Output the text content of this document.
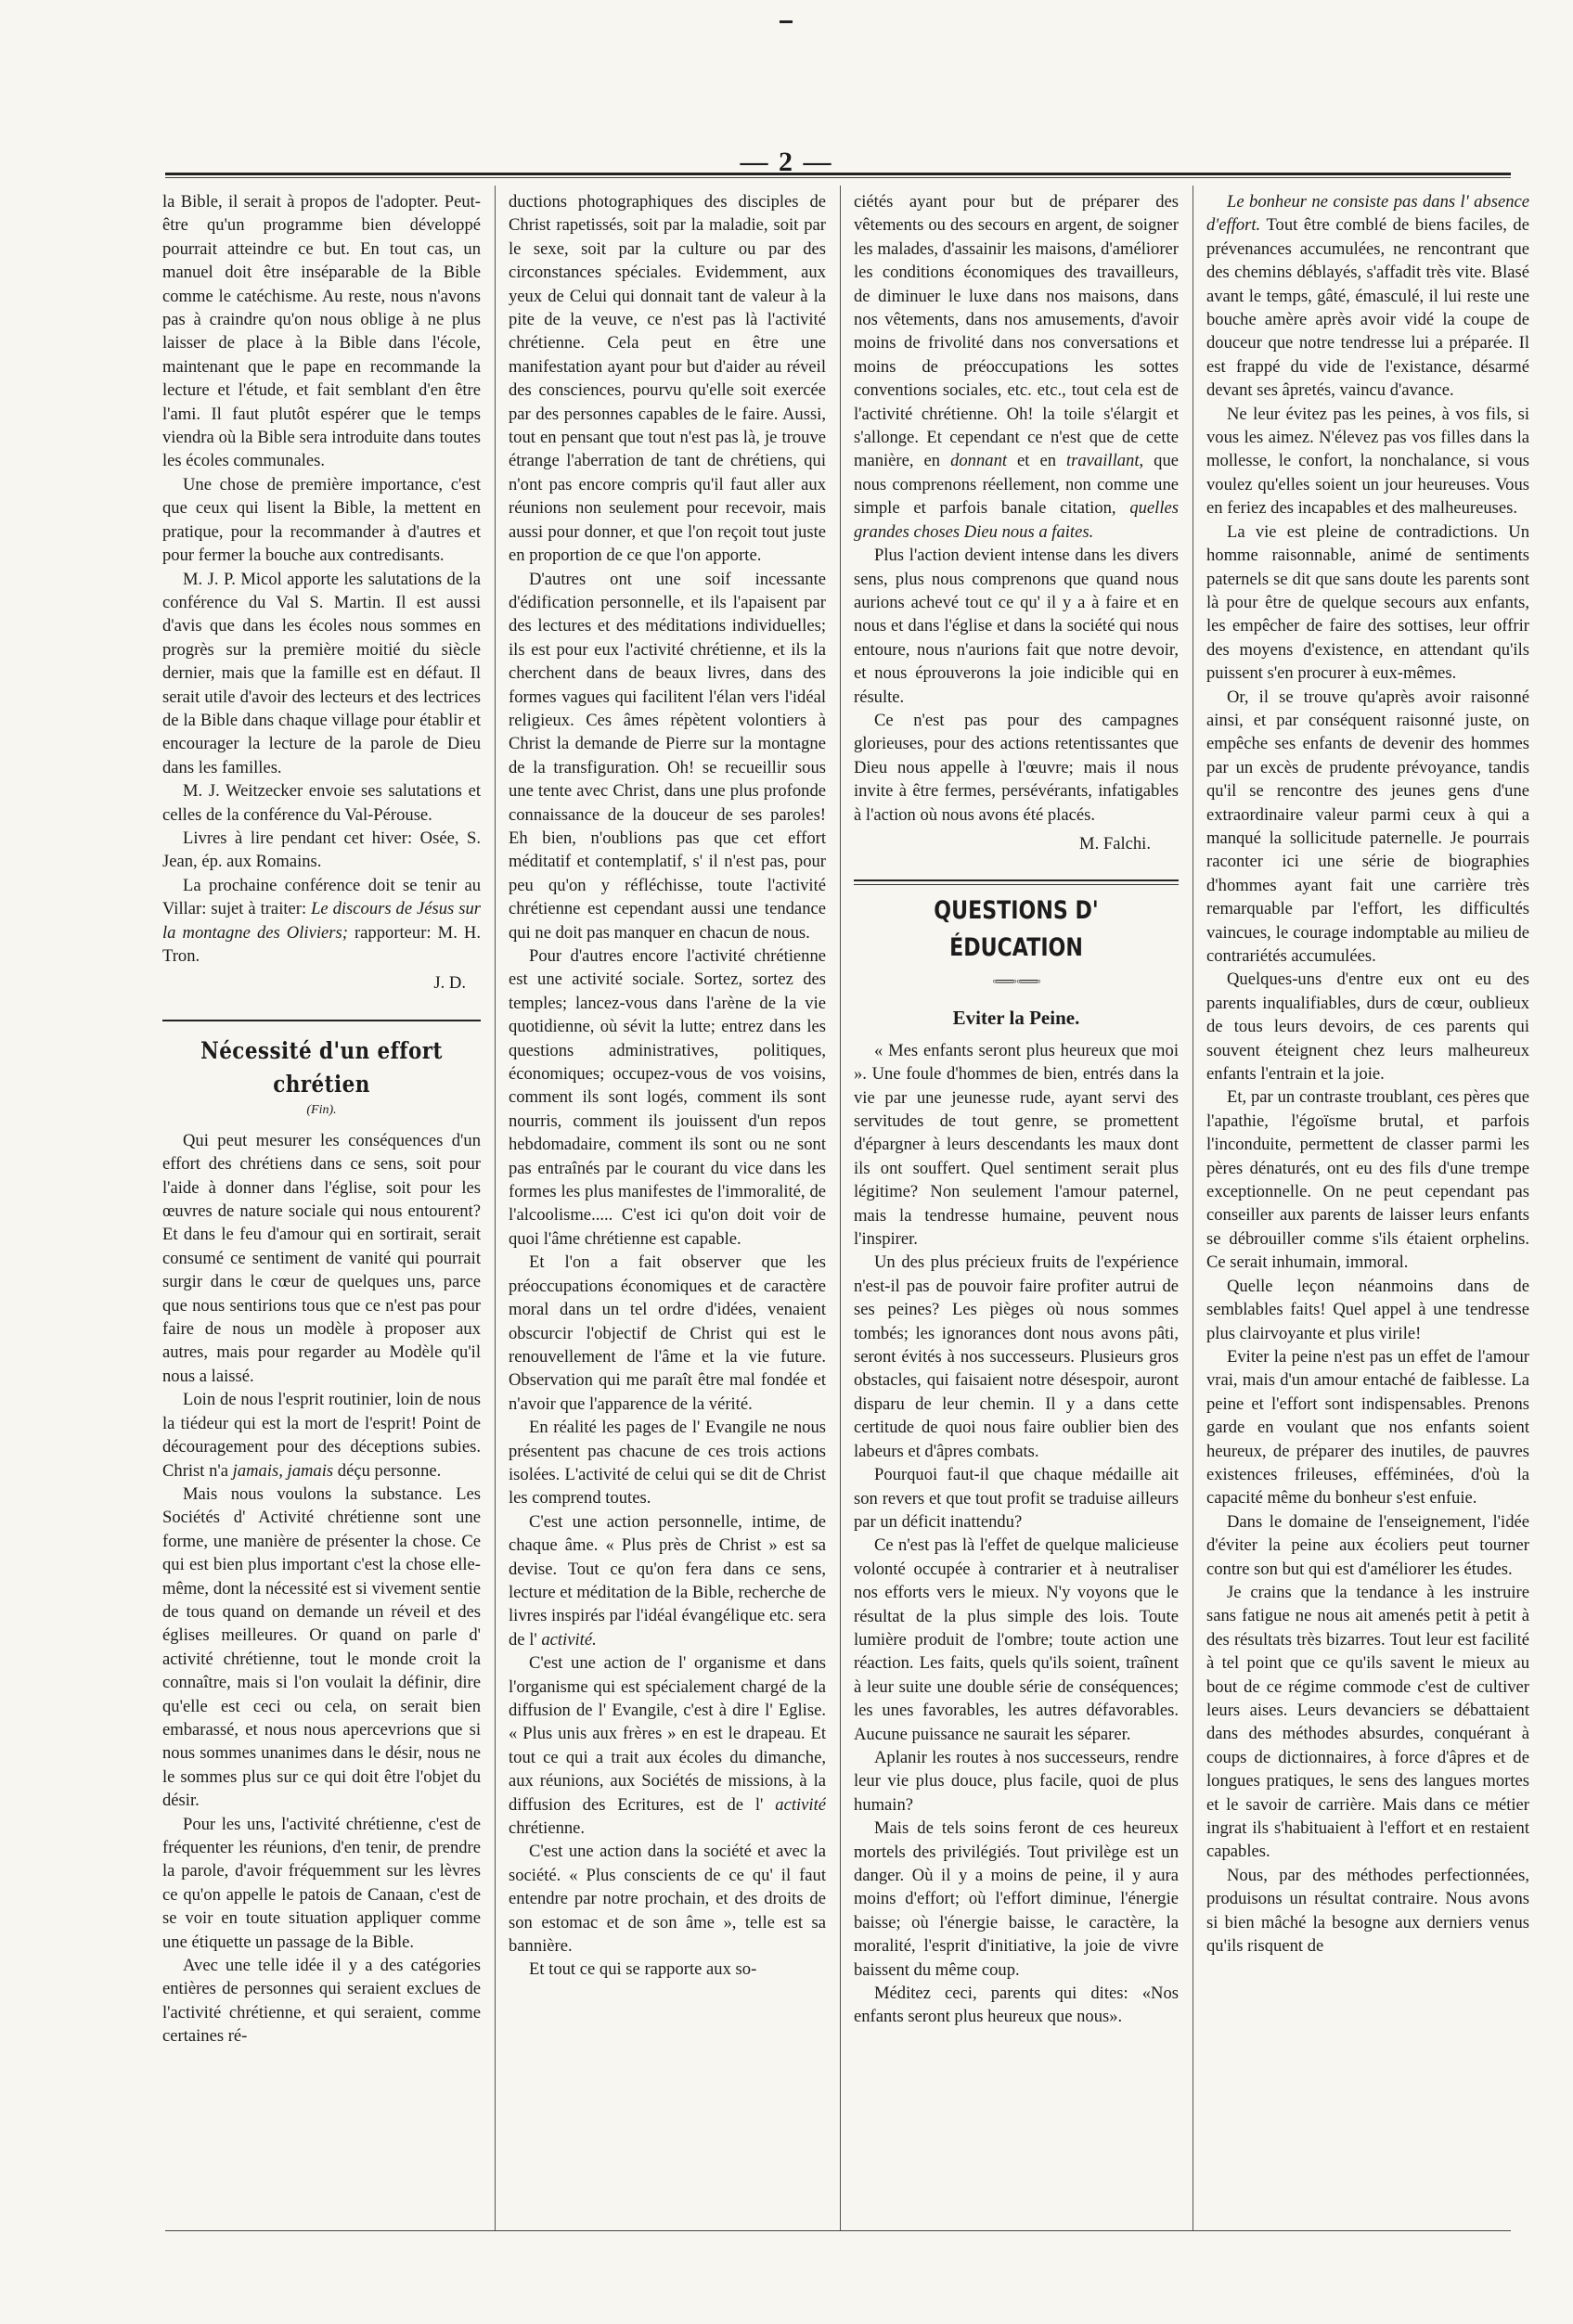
— 2 —

la Bible, il serait à propos de l'adopter. Peut-être qu'un programme bien développé pourrait atteindre ce but. En tout cas, un manuel doit être inséparable de la Bible comme le catéchisme. Au reste, nous n'avons pas à craindre qu'on nous oblige à ne plus laisser de place à la Bible dans l'école, maintenant que le pape en recommande la lecture et l'étude, et fait semblant d'en être l'ami. Il faut plutôt espérer que le temps viendra où la Bible sera introduite dans toutes les écoles communales.

Une chose de première importance, c'est que ceux qui lisent la Bible, la mettent en pratique, pour la recommander à d'autres et pour fermer la bouche aux contredisants.

M. J. P. Micol apporte les salutations de la conférence du Val S. Martin. Il est aussi d'avis que dans les écoles nous sommes en progrès sur la première moitié du siècle dernier, mais que la famille est en défaut. Il serait utile d'avoir des lecteurs et des lectrices de la Bible dans chaque village pour établir et encourager la lecture de la parole de Dieu dans les familles.

M. J. Weitzecker envoie ses salutations et celles de la conférence du Val-Pérouse.

Livres à lire pendant cet hiver: Osée, S. Jean, ép. aux Romains.

La prochaine conférence doit se tenir au Villar: sujet à traiter: Le discours de Jésus sur la montagne des Oliviers; rapporteur: M. H. Tron.

J. D.
Nécessité d'un effort chrétien
(Fin).

Qui peut mesurer les conséquences d'un effort des chrétiens dans ce sens, soit pour l'aide à donner dans l'église, soit pour les œuvres de nature sociale qui nous entourent? Et dans le feu d'amour qui en sortirait, serait consumé ce sentiment de vanité qui pourrait surgir dans le cœur de quelques uns, parce que nous sentirions tous que ce n'est pas pour faire de nous un modèle à proposer aux autres, mais pour regarder au Modèle qu'il nous a laissé.

Loin de nous l'esprit routinier, loin de nous la tiédeur qui est la mort de l'esprit! Point de découragement pour des déceptions subies. Christ n'a jamais, jamais déçu personne.

Mais nous voulons la substance. Les Sociétés d' Activité chrétienne sont une forme, une manière de présenter la chose. Ce qui est bien plus important c'est la chose elle-même, dont la nécessité est si vivement sentie de tous quand on demande un réveil et des églises meilleures. Or quand on parle d' activité chrétienne, tout le monde croit la connaître, mais si l'on voulait la définir, dire qu'elle est ceci ou cela, on serait bien embarassé, et nous nous apercevrions que si nous sommes unanimes dans le désir, nous ne le sommes plus sur ce qui doit être l'objet du désir.

Pour les uns, l'activité chrétienne, c'est de fréquenter les réunions, d'en tenir, de prendre la parole, d'avoir fréquemment sur les lèvres ce qu'on appelle le patois de Canaan, c'est de se voir en toute situation appliquer comme une étiquette un passage de la Bible.

Avec une telle idée il y a des catégories entières de personnes qui seraient exclues de l'activité chrétienne, et qui seraient, comme certaines ré-

ductions photographiques des disciples de Christ rapetissés, soit par la maladie, soit par le sexe, soit par la culture ou par des circonstances spéciales. Evidemment, aux yeux de Celui qui donnait tant de valeur à la pite de la veuve, ce n'est pas là l'activité chrétienne. Cela peut en être une manifestation ayant pour but d'aider au réveil des consciences, pourvu qu'elle soit exercée par des personnes capables de le faire. Aussi, tout en pensant que tout n'est pas là, je trouve étrange l'aberration de tant de chrétiens, qui n'ont pas encore compris qu'il faut aller aux réunions non seulement pour recevoir, mais aussi pour donner, et que l'on reçoit tout juste en proportion de ce que l'on apporte.

D'autres ont une soif incessante d'édification personnelle, et ils l'apaisent par des lectures et des méditations individuelles; ils est pour eux l'activité chrétienne, et ils la cherchent dans de beaux livres, dans des formes vagues qui facilitent l'élan vers l'idéal religieux. Ces âmes répètent volontiers à Christ la demande de Pierre sur la montagne de la transfiguration. Oh! se recueillir sous une tente avec Christ, dans une plus profonde connaissance de la douceur de ses paroles! Eh bien, n'oublions pas que cet effort méditatif et contemplatif, s' il n'est pas, pour peu qu'on y réfléchisse, toute l'activité chrétienne est cependant aussi une tendance qui ne doit pas manquer en chacun de nous.

Pour d'autres encore l'activité chrétienne est une activité sociale. Sortez, sortez des temples; lancez-vous dans l'arène de la vie quotidienne, où sévit la lutte; entrez dans les questions administratives, politiques, économiques; occupez-vous de vos voisins, comment ils sont logés, comment ils sont nourris, comment ils jouissent d'un repos hebdomadaire, comment ils sont ou ne sont pas entraînés par le courant du vice dans les formes les plus manifestes de l'immoralité, de l'alcoolisme..... C'est ici qu'on doit voir de quoi l'âme chrétienne est capable.

Et l'on a fait observer que les préoccupations économiques et de caractère moral dans un tel ordre d'idées, venaient obscurcir l'objectif de Christ qui est le renouvellement de l'âme et la vie future. Observation qui me paraît être mal fondée et n'avoir que l'apparence de la vérité.

En réalité les pages de l' Evangile ne nous présentent pas chacune de ces trois actions isolées. L'activité de celui qui se dit de Christ les comprend toutes.

C'est une action personnelle, intime, de chaque âme. « Plus près de Christ » est sa devise. Tout ce qu'on fera dans ce sens, lecture et méditation de la Bible, recherche de livres inspirés par l'idéal évangélique etc. sera de l' activité.

C'est une action de l' organisme et dans l'organisme qui est spécialement chargé de la diffusion de l' Evangile, c'est à dire l' Eglise. « Plus unis aux frères » en est le drapeau. Et tout ce qui a trait aux écoles du dimanche, aux réunions, aux Sociétés de missions, à la diffusion des Ecritures, est de l' activité chrétienne.

C'est une action dans la société et avec la société. « Plus conscients de ce qu' il faut entendre par notre prochain, et des droits de son estomac et de son âme », telle est sa bannière.

Et tout ce qui se rapporte aux so-

ciétés ayant pour but de préparer des vêtements ou des secours en argent, de soigner les malades, d'assainir les maisons, d'améliorer les conditions économiques des travailleurs, de diminuer le luxe dans nos maisons, dans nos vêtements, dans nos amusements, d'avoir moins de frivolité dans nos conversations et moins de préoccupations les sottes conventions sociales, etc. etc., tout cela est de l'activité chrétienne. Oh! la toile s'élargit et s'allonge. Et cependant ce n'est que de cette manière, en donnant et en travaillant, que nous comprenons réellement, non comme une simple et parfois banale citation, quelles grandes choses Dieu nous a faites.

Plus l'action devient intense dans les divers sens, plus nous comprenons que quand nous aurions achevé tout ce qu' il y a à faire et en nous et dans l'église et dans la société qui nous entoure, nous n'aurions fait que notre devoir, et nous éprouverons la joie indicible qui en résulte.

Ce n'est pas pour des campagnes glorieuses, pour des actions retentissantes que Dieu nous appelle à l'œuvre; mais il nous invite à être fermes, persévérants, infatigables à l'action où nous avons été placés.

M. Falchi.
QUESTIONS D' ÉDUCATION
◦══◦◦══◦
Eviter la Peine.

« Mes enfants seront plus heureux que moi ». Une foule d'hommes de bien, entrés dans la vie par une jeunesse rude, ayant servi des servitudes de tout genre, se promettent d'épargner à leurs descendants les maux dont ils ont souffert. Quel sentiment serait plus légitime? Non seulement l'amour paternel, mais la tendresse humaine, peuvent nous l'inspirer.

Un des plus précieux fruits de l'expérience n'est-il pas de pouvoir faire profiter autrui de ses peines? Les pièges où nous sommes tombés; les ignorances dont nous avons pâti, seront évités à nos successeurs. Plusieurs gros obstacles, qui faisaient notre désespoir, auront disparu de leur chemin. Il y a dans cette certitude de quoi nous faire oublier bien des labeurs et d'âpres combats.

Pourquoi faut-il que chaque médaille ait son revers et que tout profit se traduise ailleurs par un déficit inattendu?

Ce n'est pas là l'effet de quelque malicieuse volonté occupée à contrarier et à neutraliser nos efforts vers le mieux. N'y voyons que le résultat de la plus simple des lois. Toute lumière produit de l'ombre; toute action une réaction. Les faits, quels qu'ils soient, traînent à leur suite une double série de conséquences; les unes favorables, les autres défavorables. Aucune puissance ne saurait les séparer.

Aplanir les routes à nos successeurs, rendre leur vie plus douce, plus facile, quoi de plus humain?

Mais de tels soins feront de ces heureux mortels des privilégiés. Tout privilège est un danger. Où il y a moins de peine, il y aura moins d'effort; où l'effort diminue, l'énergie baisse; où l'énergie baisse, le caractère, la moralité, l'esprit d'initiative, la joie de vivre baissent du même coup.

Méditez ceci, parents qui dites: «Nos enfants seront plus heureux que nous».

Le bonheur ne consiste pas dans l' absence d'effort. Tout être comblé de biens faciles, de prévenances accumulées, ne rencontrant que des chemins déblayés, s'affadit très vite. Blasé avant le temps, gâté, émasculé, il lui reste une bouche amère après avoir vidé la coupe de douceur que notre tendresse lui a préparée. Il est frappé du vide de l'existance, désarmé devant ses âpretés, vaincu d'avance.

Ne leur évitez pas les peines, à vos fils, si vous les aimez. N'élevez pas vos filles dans la mollesse, le confort, la nonchalance, si vous voulez qu'elles soient un jour heureuses. Vous en feriez des incapables et des malheureuses.

La vie est pleine de contradictions. Un homme raisonnable, animé de sentiments paternels se dit que sans doute les parents sont là pour être de quelque secours aux enfants, les empêcher de faire des sottises, leur offrir des moyens d'existence, en attendant qu'ils puissent s'en procurer à eux-mêmes.

Or, il se trouve qu'après avoir raisonné ainsi, et par conséquent raisonné juste, on empêche ses enfants de devenir des hommes par un excès de prudente prévoyance, tandis qu'il se rencontre des jeunes gens d'une extraordinaire valeur parmi ceux à qui a manqué la sollicitude paternelle. Je pourrais raconter ici une série de biographies d'hommes ayant fait une carrière très remarquable par l'effort, les difficultés vaincues, le courage indomptable au milieu de contrariétés accumulées.

Quelques-uns d'entre eux ont eu des parents inqualifiables, durs de cœur, oublieux de tous leurs devoirs, de ces parents qui souvent éteignent chez leurs malheureux enfants l'entrain et la joie.

Et, par un contraste troublant, ces pères que l'apathie, l'égoïsme brutal, et parfois l'inconduite, permettent de classer parmi les pères dénaturés, ont eu des fils d'une trempe exceptionnelle. On ne peut cependant pas conseiller aux parents de laisser leurs enfants se débrouiller comme s'ils étaient orphelins. Ce serait inhumain, immoral.

Quelle leçon néanmoins dans de semblables faits! Quel appel à une tendresse plus clairvoyante et plus virile!

Eviter la peine n'est pas un effet de l'amour vrai, mais d'un amour entaché de faiblesse. La peine et l'effort sont indispensables. Prenons garde en voulant que nos enfants soient heureux, de préparer des inutiles, de pauvres existences frileuses, efféminées, d'où la capacité même du bonheur s'est enfuie.

Dans le domaine de l'enseignement, l'idée d'éviter la peine aux écoliers peut tourner contre son but qui est d'améliorer les études.

Je crains que la tendance à les instruire sans fatigue ne nous ait amenés petit à petit à des résultats très bizarres. Tout leur est facilité à tel point que ce qu'ils savent le mieux au bout de ce régime commode c'est de cultiver leurs aises. Leurs devanciers se débattaient dans des méthodes absurdes, conquérant à coups de dictionnaires, à force d'âpres et de longues pratiques, le sens des langues mortes et le savoir de carrière. Mais dans ce métier ingrat ils s'habituaient à l'effort et en restaient capables.

Nous, par des méthodes perfectionnées, produisons un résultat contraire. Nous avons si bien mâché la besogne aux derniers venus qu'ils risquent de
